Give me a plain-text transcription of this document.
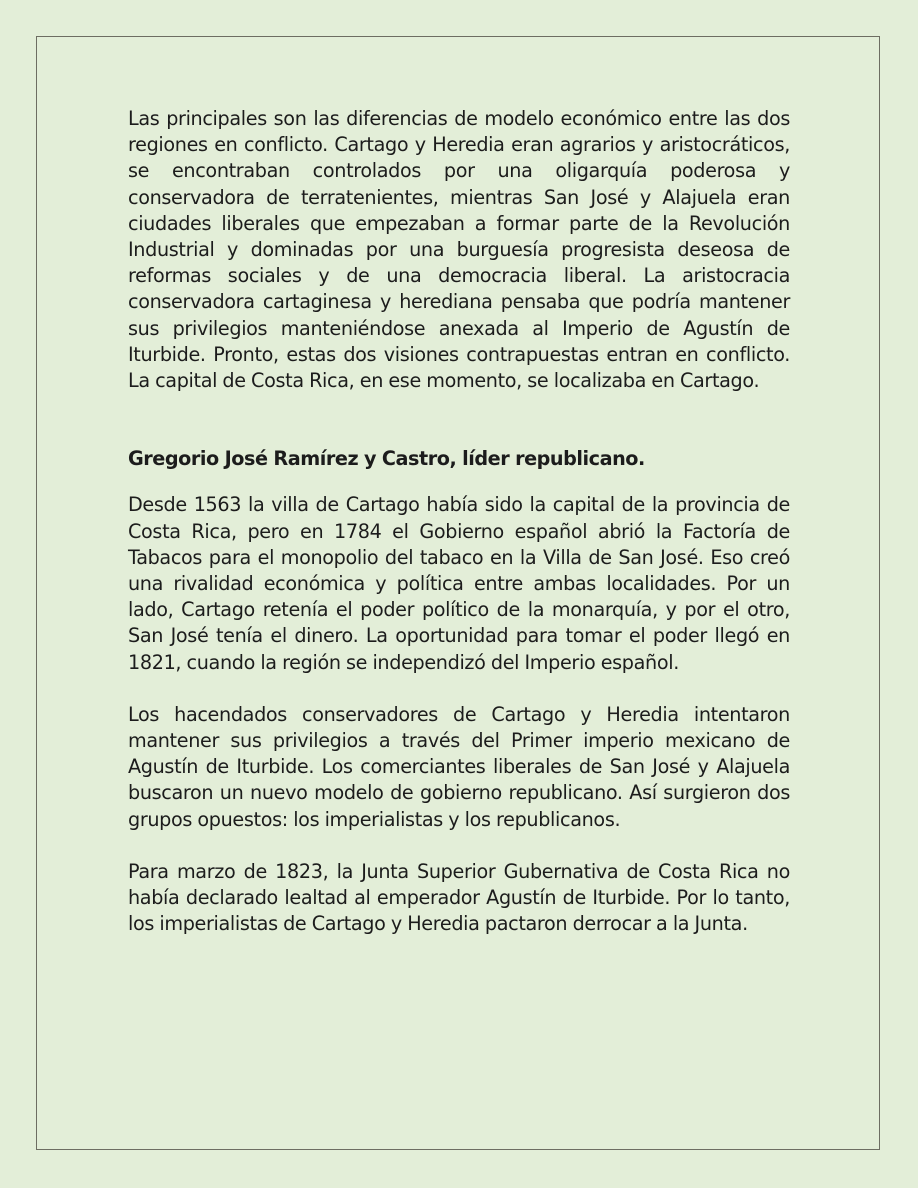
Las principales son las diferencias de modelo económico entre las dos regiones en conflicto. Cartago y Heredia eran agrarios y aristocráticos, se encontraban controlados por una oligarquía poderosa y conservadora de terratenientes, mientras San José y Alajuela eran ciudades liberales que empezaban a formar parte de la Revolución Industrial y dominadas por una burguesía progresista deseosa de reformas sociales y de una democracia liberal. La aristocracia conservadora cartaginesa y herediana pensaba que podría mantener sus privilegios manteniéndose anexada al Imperio de Agustín de Iturbide. Pronto, estas dos visiones contrapuestas entran en conflicto. La capital de Costa Rica, en ese momento, se localizaba en Cartago.

Gregorio José Ramírez y Castro, líder republicano.

Desde 1563 la villa de Cartago había sido la capital de la provincia de Costa Rica, pero en 1784 el Gobierno español abrió la Factoría de Tabacos para el monopolio del tabaco en la Villa de San José. Eso creó una rivalidad económica y política entre ambas localidades. Por un lado, Cartago retenía el poder político de la monarquía, y por el otro, San José tenía el dinero. La oportunidad para tomar el poder llegó en 1821, cuando la región se independizó del Imperio español.

Los hacendados conservadores de Cartago y Heredia intentaron mantener sus privilegios a través del Primer imperio mexicano de Agustín de Iturbide. Los comerciantes liberales de San José y Alajuela buscaron un nuevo modelo de gobierno republicano. Así surgieron dos grupos opuestos: los imperialistas y los republicanos.

Para marzo de 1823, la Junta Superior Gubernativa de Costa Rica no había declarado lealtad al emperador Agustín de Iturbide. Por lo tanto, los imperialistas de Cartago y Heredia pactaron derrocar a la Junta.
